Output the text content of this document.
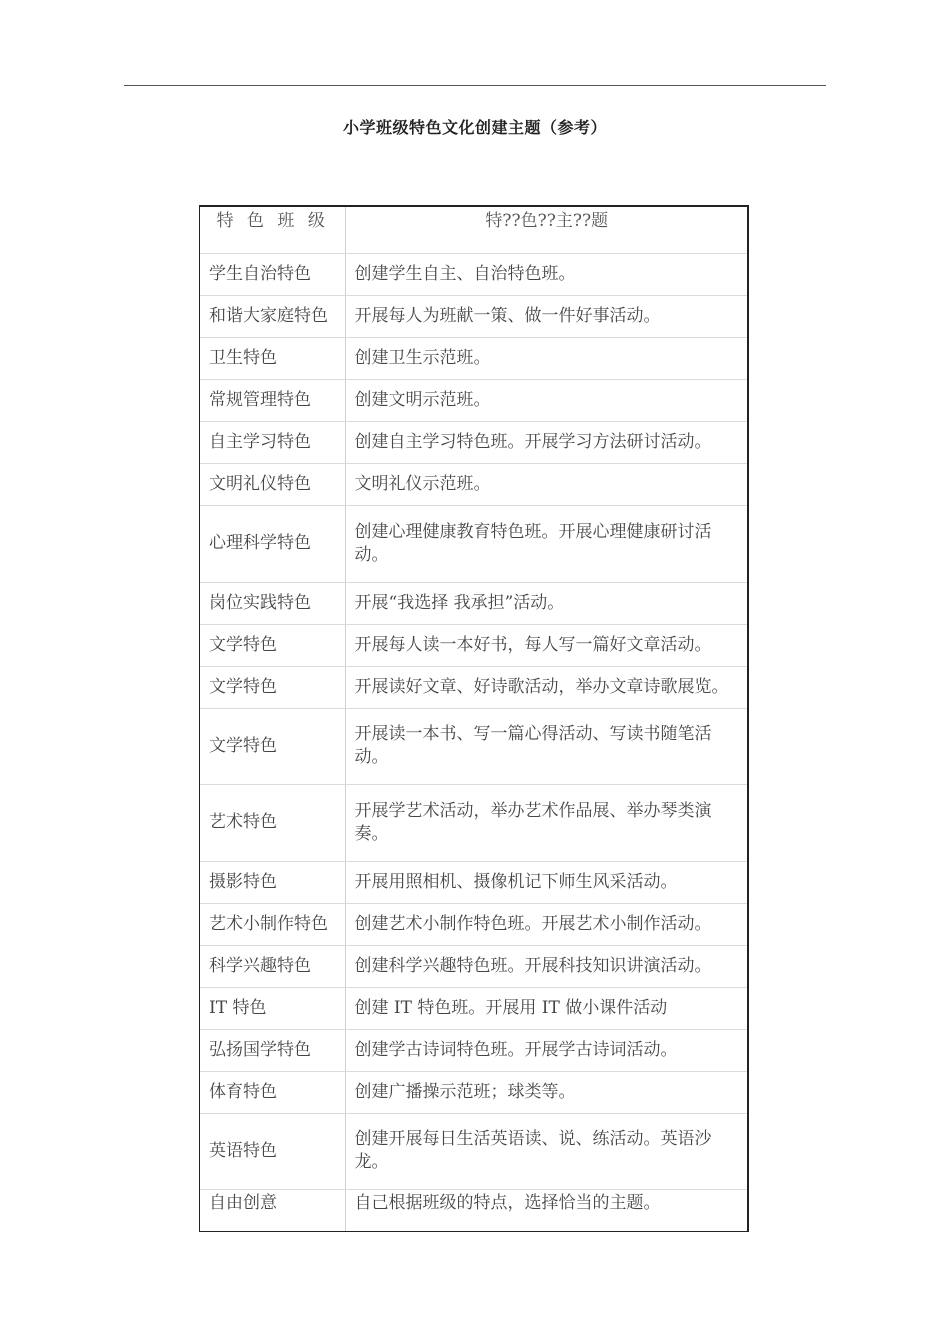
小学班级特色文化创建主题（参考）
特 色 班 级	特??色??主??题
学生自治特色	创建学生自主、自治特色班。
和谐大家庭特色	开展每人为班献一策、做一件好事活动。
卫生特色	创建卫生示范班。
常规管理特色	创建文明示范班。
自主学习特色	创建自主学习特色班。开展学习方法研讨活动。
文明礼仪特色	文明礼仪示范班。
心理科学特色	创建心理健康教育特色班。开展心理健康研讨活动。
岗位实践特色	开展“我选择 我承担”活动。
文学特色	开展每人读一本好书，每人写一篇好文章活动。
文学特色	开展读好文章、好诗歌活动，举办文章诗歌展览。
文学特色	开展读一本书、写一篇心得活动、写读书随笔活动。
艺术特色	开展学艺术活动，举办艺术作品展、举办琴类演奏。
摄影特色	开展用照相机、摄像机记下师生风采活动。
艺术小制作特色	创建艺术小制作特色班。开展艺术小制作活动。
科学兴趣特色	创建科学兴趣特色班。开展科技知识讲演活动。
IT 特色	创建 IT 特色班。开展用 IT 做小课件活动
弘扬国学特色	创建学古诗词特色班。开展学古诗词活动。
体育特色	创建广播操示范班；球类等。
英语特色	创建开展每日生活英语读、说、练活动。英语沙龙。
自由创意	自己根据班级的特点，选择恰当的主题。
